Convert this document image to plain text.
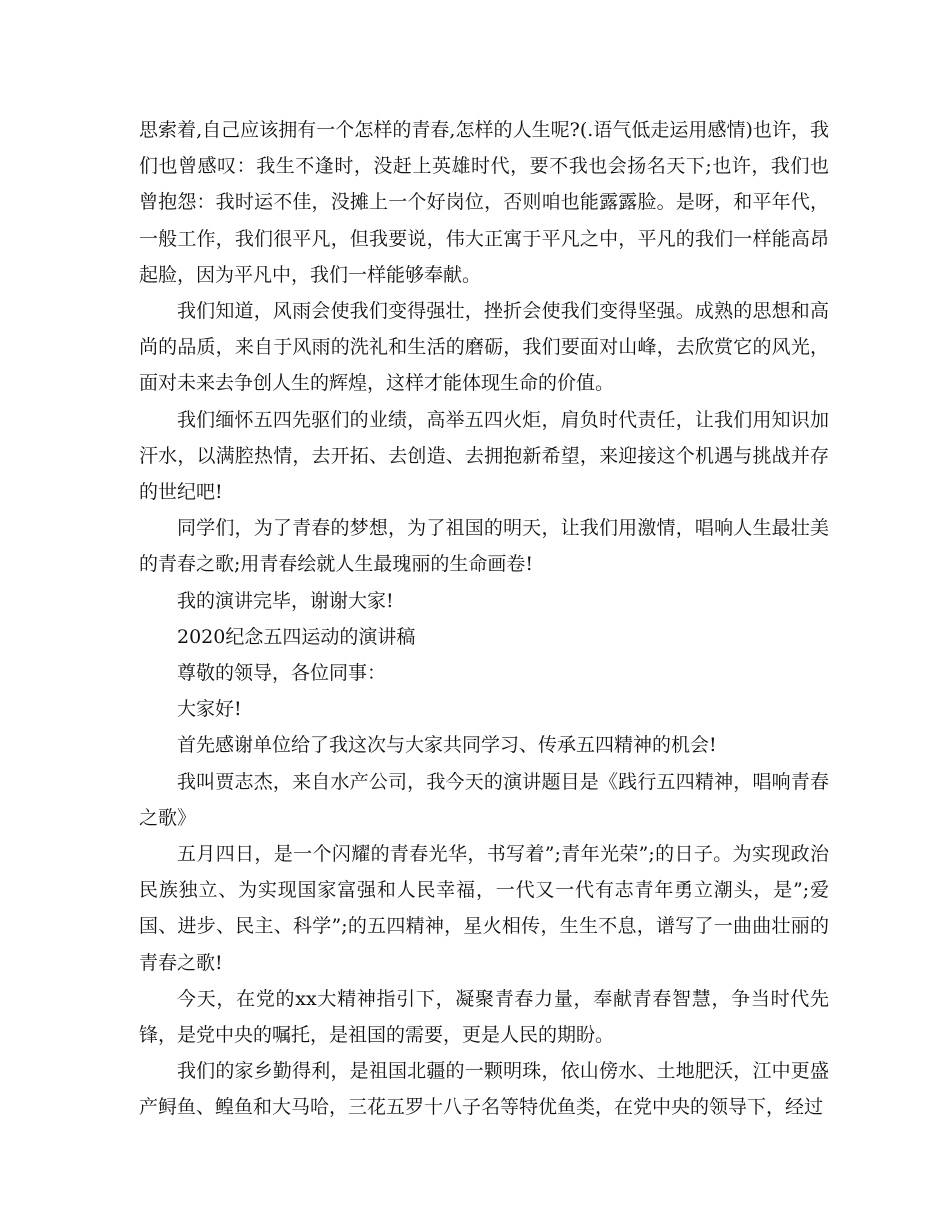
思索着,自己应该拥有一个怎样的青春,怎样的人生呢?(.语气低走运用感情)也许，我们也曾感叹：我生不逢时，没赶上英雄时代，要不我也会扬名天下;也许，我们也曾抱怨：我时运不佳，没摊上一个好岗位，否则咱也能露露脸。是呀，和平年代，一般工作，我们很平凡，但我要说，伟大正寓于平凡之中，平凡的我们一样能高昂起脸，因为平凡中，我们一样能够奉献。

我们知道，风雨会使我们变得强壮，挫折会使我们变得坚强。成熟的思想和高尚的品质，来自于风雨的洗礼和生活的磨砺，我们要面对山峰，去欣赏它的风光，面对未来去争创人生的辉煌，这样才能体现生命的价值。

我们缅怀五四先驱们的业绩，高举五四火炬，肩负时代责任，让我们用知识加汗水，以满腔热情，去开拓、去创造、去拥抱新希望，来迎接这个机遇与挑战并存的世纪吧!

同学们，为了青春的梦想，为了祖国的明天，让我们用激情，唱响人生最壮美的青春之歌;用青春绘就人生最瑰丽的生命画卷!

我的演讲完毕，谢谢大家!

2020纪念五四运动的演讲稿

尊敬的领导，各位同事：

大家好!

首先感谢单位给了我这次与大家共同学习、传承五四精神的机会!

我叫贾志杰，来自水产公司，我今天的演讲题目是《践行五四精神，唱响青春之歌》

五月四日，是一个闪耀的青春光华，书写着”;青年光荣”;的日子。为实现政治民族独立、为实现国家富强和人民幸福，一代又一代有志青年勇立潮头，是”;爱国、进步、民主、科学”;的五四精神，星火相传，生生不息，谱写了一曲曲壮丽的青春之歌!

今天，在党的xx大精神指引下，凝聚青春力量，奉献青春智慧，争当时代先锋，是党中央的嘱托，是祖国的需要，更是人民的期盼。

我们的家乡勤得利，是祖国北疆的一颗明珠，依山傍水、土地肥沃，江中更盛产鲟鱼、鳇鱼和大马哈，三花五罗十八子名等特优鱼类，在党中央的领导下，经过
